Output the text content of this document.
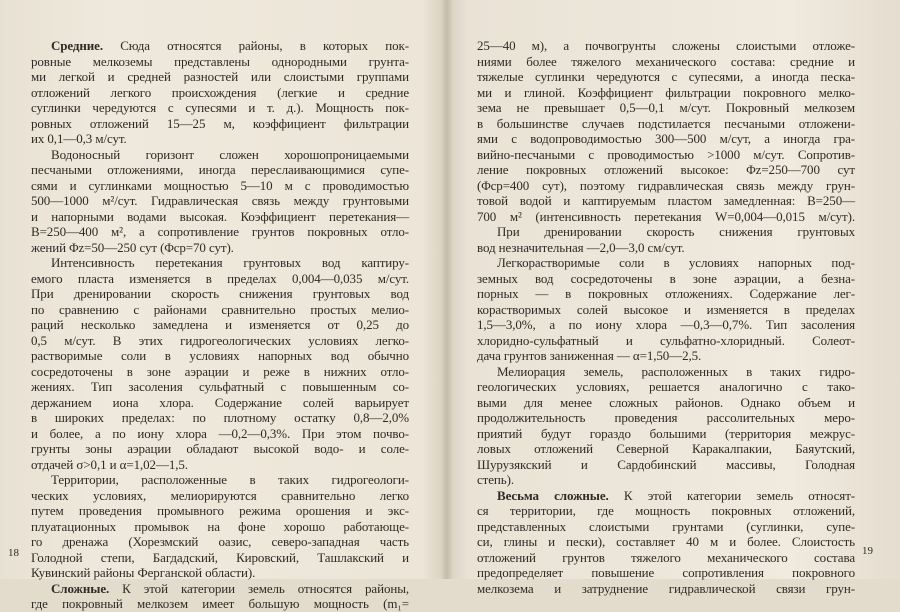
Средние. Сюда относятся районы, в которых пок-
ровные мелкоземы представлены однородными грунта-
ми легкой и средней разностей или слоистыми группами
отложений легкого происхождения (легкие и средние
суглинки чередуются с супесями и т. д.). Мощность пок-
ровных отложений 15—25 м, коэффициент фильтрации
их 0,1—0,3 м/сут.
Водоносный горизонт сложен хорошопроницаемыми
песчаными отложениями, иногда переслаивающимися супе-
сями и суглинками мощностью 5—10 м с проводимостью
500—1000 м²/сут. Гидравлическая связь между грунтовыми
и напорными водами высокая. Коэффициент перетекания—
B=250—400 м², а сопротивление грунтов покровных отло-
жений Φz=50—250 сут (Φср=70 сут).
Интенсивность перетекания грунтовых вод каптиру-
емого пласта изменяется в пределах 0,004—0,035 м/сут.
При дренировании скорость снижения грунтовых вод
по сравнению с районами сравнительно простых мелио-
раций несколько замедлена и изменяется от 0,25 до
0,5 м/сут. В этих гидрогеологических условиях легко-
растворимые соли в условиях напорных вод обычно
сосредоточены в зоне аэрации и реже в нижних отло-
жениях. Тип засоления сульфатный с повышенным со-
держанием иона хлора. Содержание солей варьирует
в широких пределах: по плотному остатку 0,8—2,0%
и более, а по иону хлора —0,2—0,3%. При этом почво-
грунты зоны аэрации обладают высокой водо- и соле-
отдачей σ>0,1 и α=1,02—1,5.
Территории, расположенные в таких гидрогеологи-
ческих условиях, мелиорируются сравнительно легко
путем проведения промывного режима орошения и экс-
плуатационных промывок на фоне хорошо работающе-
го дренажа (Хорезмский оазис, северо-западная часть
Голодной степи, Багдадский, Кировский, Ташлакский и
Кувинский районы Ферганской области).
Сложные. К этой категории земель относятся районы,
где покровный мелкозем имеет большую мощность (m₁=
18
25—40 м), а почвогрунты сложены слоистыми отложе-
ниями более тяжелого механического состава: средние и
тяжелые суглинки чередуются с супесями, а иногда песка-
ми и глиной. Коэффициент фильтрации покровного мелко-
зема не превышает 0,5—0,1 м/сут. Покровный мелкозем
в большинстве случаев подстилается песчаными отложени-
ями с водопроводимостью 300—500 м/сут, а иногда гра-
вийно-песчаными с проводимостью >1000 м/сут. Сопротив-
ление покровных отложений высокое: Φz=250—700 сут
(Φср=400 сут), поэтому гидравлическая связь между грун-
товой водой и каптируемым пластом замедленная: B=250—
700 м² (интенсивность перетекания W=0,004—0,015 м/сут).
При дренировании скорость снижения грунтовых
вод незначительная —2,0—3,0 см/сут.
Легкорастворимые соли в условиях напорных под-
земных вод сосредоточены в зоне аэрации, а безна-
порных — в покровных отложениях. Содержание лег-
корастворимых солей высокое и изменяется в пределах
1,5—3,0%, а по иону хлора —0,3—0,7%. Тип засоления
хлоридно-сульфатный и сульфатно-хлоридный. Солеот-
дача грунтов заниженная — α=1,50—2,5.
Мелиорация земель, расположенных в таких гидро-
геологических условиях, решается аналогично с тако-
выми для менее сложных районов. Однако объем и
продолжительность проведения рассолительных меро-
приятий будут гораздо большими (территория межрус-
ловых отложений Северной Каракалпакии, Баяутский,
Шурузякский и Сардобинский массивы, Голодная
степь).
Весьма сложные. К этой категории земель относят-
ся территории, где мощность покровных отложений,
представленных слоистыми грунтами (суглинки, супе-
си, глины и пески), составляет 40 м и более. Слоистость
отложений грунтов тяжелого механического состава
предопределяет повышение сопротивления покровного
мелкозема и затруднение гидравлической связи грун-
19
